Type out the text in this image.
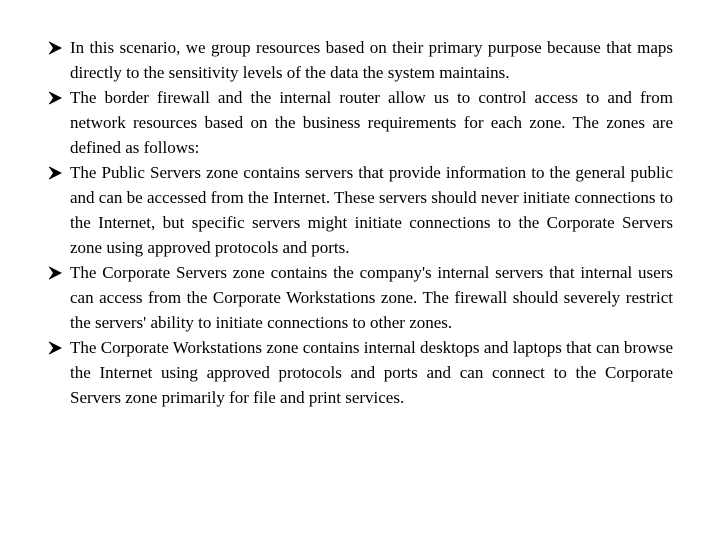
In this scenario, we group resources based on their primary purpose because that maps directly to the sensitivity levels of the data the system maintains.
The border firewall and the internal router allow us to control access to and from network resources based on the business requirements for each zone. The zones are defined as follows:
The Public Servers zone contains servers that provide information to the general public and can be accessed from the Internet. These servers should never initiate connections to the Internet, but specific servers might initiate connections to the Corporate Servers zone using approved protocols and ports.
The Corporate Servers zone contains the company's internal servers that internal users can access from the Corporate Workstations zone. The firewall should severely restrict the servers' ability to initiate connections to other zones.
The Corporate Workstations zone contains internal desktops and laptops that can browse the Internet using approved protocols and ports and can connect to the Corporate Servers zone primarily for file and print services.
